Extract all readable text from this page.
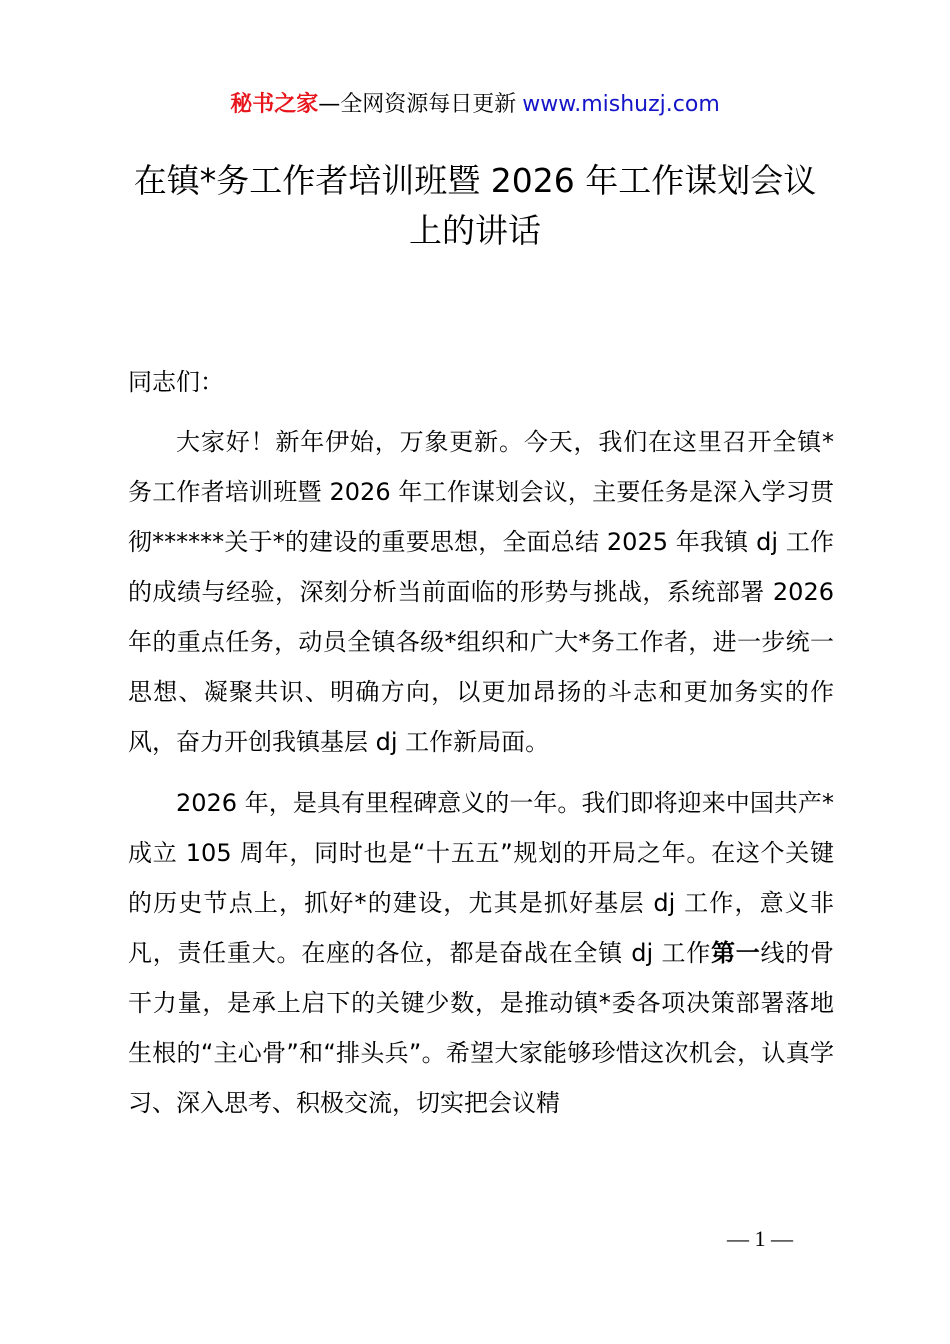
秘书之家—全网资源每日更新 www.mishuzj.com
在镇*务工作者培训班暨 2026 年工作谋划会议
上的讲话

同志们：

大家好！新年伊始，万象更新。今天，我们在这里召开全镇*务工作者培训班暨 2026 年工作谋划会议，主要任务是深入学习贯彻******关于*的建设的重要思想，全面总结 2025 年我镇 dj 工作的成绩与经验，深刻分析当前面临的形势与挑战，系统部署 2026 年的重点任务，动员全镇各级*组织和广大*务工作者，进一步统一思想、凝聚共识、明确方向，以更加昂扬的斗志和更加务实的作风，奋力开创我镇基层 dj 工作新局面。

2026 年，是具有里程碑意义的一年。我们即将迎来中国共产*成立 105 周年，同时也是“十五五”规划的开局之年。在这个关键的历史节点上，抓好*的建设，尤其是抓好基层 dj 工作，意义非凡，责任重大。在座的各位，都是奋战在全镇 dj 工作第一线的骨干力量，是承上启下的关键少数，是推动镇*委各项决策部署落地生根的“主心骨”和“排头兵”。希望大家能够珍惜这次机会，认真学习、深入思考、积极交流，切实把会议精

— 1 —
